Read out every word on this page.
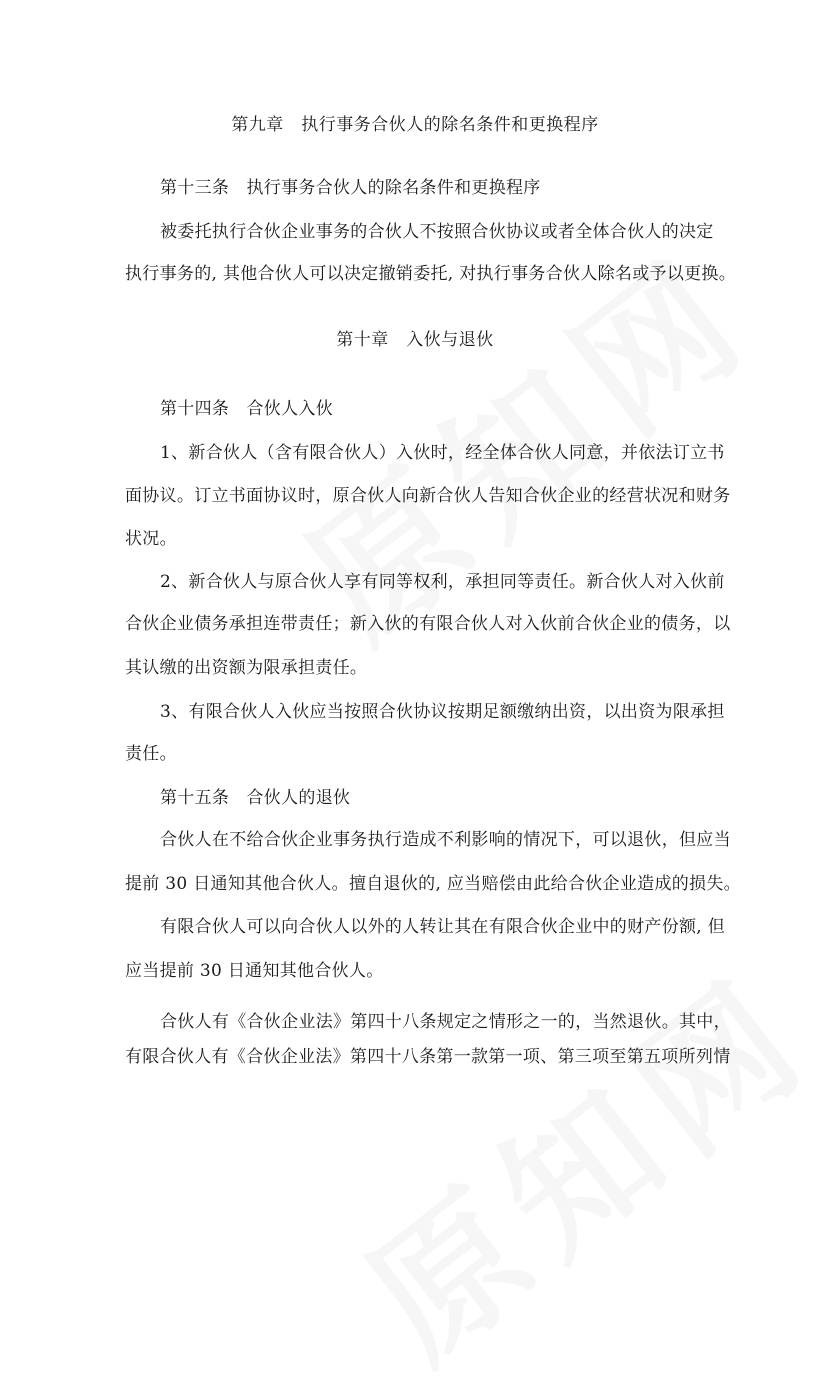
第九章　执行事务合伙人的除名条件和更换程序
第十三条　执行事务合伙人的除名条件和更换程序
被委托执行合伙企业事务的合伙人不按照合伙协议或者全体合伙人的决定
执行事务的, 其他合伙人可以决定撤销委托, 对执行事务合伙人除名或予以更换。
第十章　入伙与退伙
第十四条　合伙人入伙
1、新合伙人（含有限合伙人）入伙时，经全体合伙人同意，并依法订立书
面协议。订立书面协议时，原合伙人向新合伙人告知合伙企业的经营状况和财务
状况。
2、新合伙人与原合伙人享有同等权利，承担同等责任。新合伙人对入伙前
合伙企业债务承担连带责任；新入伙的有限合伙人对入伙前合伙企业的债务，以
其认缴的出资额为限承担责任。
3、有限合伙人入伙应当按照合伙协议按期足额缴纳出资，以出资为限承担
责任。
第十五条　合伙人的退伙
合伙人在不给合伙企业事务执行造成不利影响的情况下，可以退伙，但应当
提前 30 日通知其他合伙人。擅自退伙的, 应当赔偿由此给合伙企业造成的损失。
有限合伙人可以向合伙人以外的人转让其在有限合伙企业中的财产份额, 但
应当提前 30 日通知其他合伙人。
合伙人有《合伙企业法》第四十八条规定之情形之一的，当然退伙。其中，
有限合伙人有《合伙企业法》第四十八条第一款第一项、第三项至第五项所列情
